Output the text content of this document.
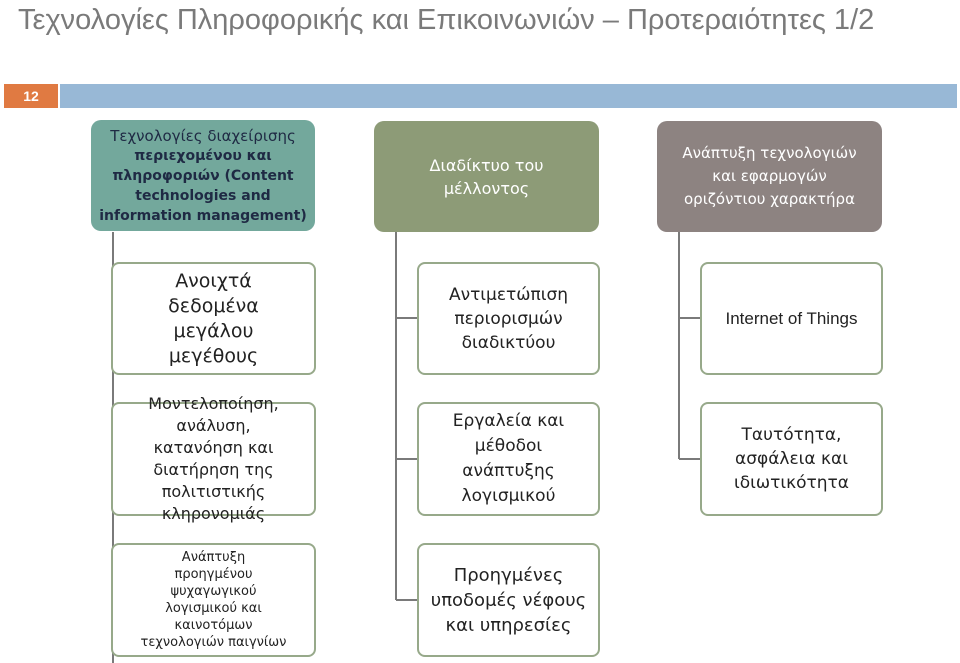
Τεχνολογίες Πληροφορικής και Επικοινωνιών – Προτεραιότητες 1/2
12
Τεχνολογίες διαχείρισης
περιεχομένου και
πληροφοριών (Content
technologies and
information management)
Διαδίκτυο του
μέλλοντος
Ανάπτυξη τεχνολογιών
και εφαρμογών
οριζόντιου χαρακτήρα
Ανοιχτά
δεδομένα
μεγάλου
μεγέθους
Μοντελοποίηση,
ανάλυση,
κατανόηση και
διατήρηση της
πολιτιστικής
κληρονομιάς
Ανάπτυξη
προηγμένου
ψυχαγωγικού
λογισμικού και
καινοτόμων
τεχνολογιών παιγνίων
Αντιμετώπιση
περιορισμών
διαδικτύου
Εργαλεία και
μέθοδοι
ανάπτυξης
λογισμικού
Προηγμένες
υποδομές νέφους
και υπηρεσίες
Internet of Things
Ταυτότητα,
ασφάλεια και
ιδιωτικότητα
